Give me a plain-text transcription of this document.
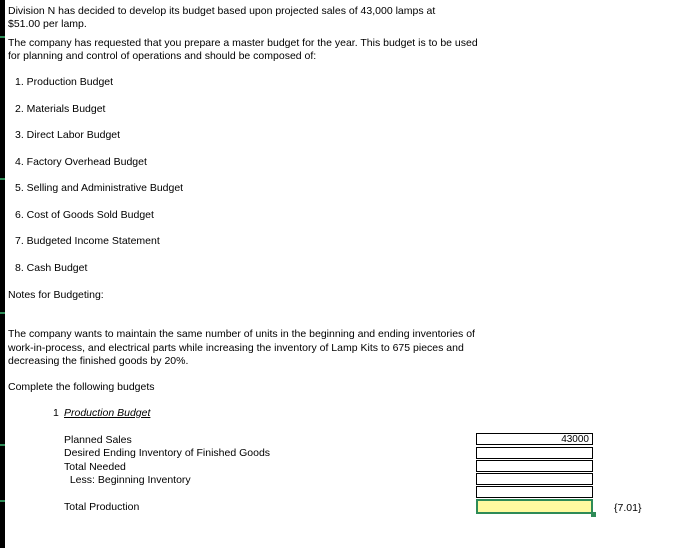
Division N has decided to develop its budget based upon projected sales of 43,000 lamps at
$51.00 per lamp.
The company has requested that you prepare a master budget for the year. This budget is to be used
for planning and control of operations and should be composed of:
1. Production Budget
2. Materials Budget
3. Direct Labor Budget
4. Factory Overhead Budget
5. Selling and Administrative Budget
6. Cost of Goods Sold Budget
7. Budgeted Income Statement
8. Cash Budget
Notes for Budgeting:
The company wants to maintain the same number of units in the beginning and ending inventories of
work-in-process, and electrical parts while increasing the inventory of Lamp Kits to 675 pieces and
decreasing the finished goods by 20%.
Complete the following budgets
1 Production Budget
Planned Sales
Desired Ending Inventory of Finished Goods
Total Needed
Less: Beginning Inventory
Total Production
43000
{7.01}
